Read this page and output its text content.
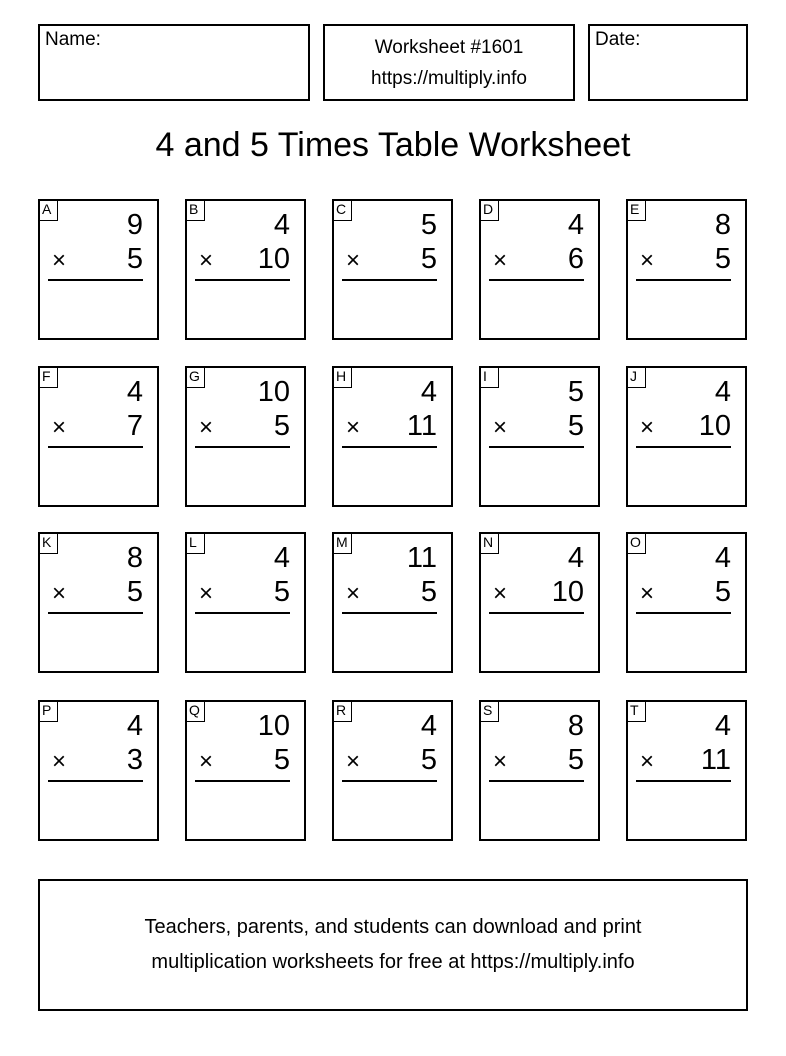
Name:	Worksheet #1601
https://multiply.info
Date:
4 and 5 Times Table Worksheet
A	9
× 5
B	4
× 10
C	5
× 5
D	4
× 6
E	8
× 5
F	4
× 7
G 10
× 5
H	4
× 11
I	5
× 5
J	4
× 10
K	8
× 5
L	4
× 5
M 11
× 5
N	4
× 10
O	4
× 5
P	4
× 3
Q 10
× 5
R	4
× 5
S	8
× 5
T	4
× 11
Teachers, parents, and students can download and print
multiplication worksheets for free at https://multiply.info
